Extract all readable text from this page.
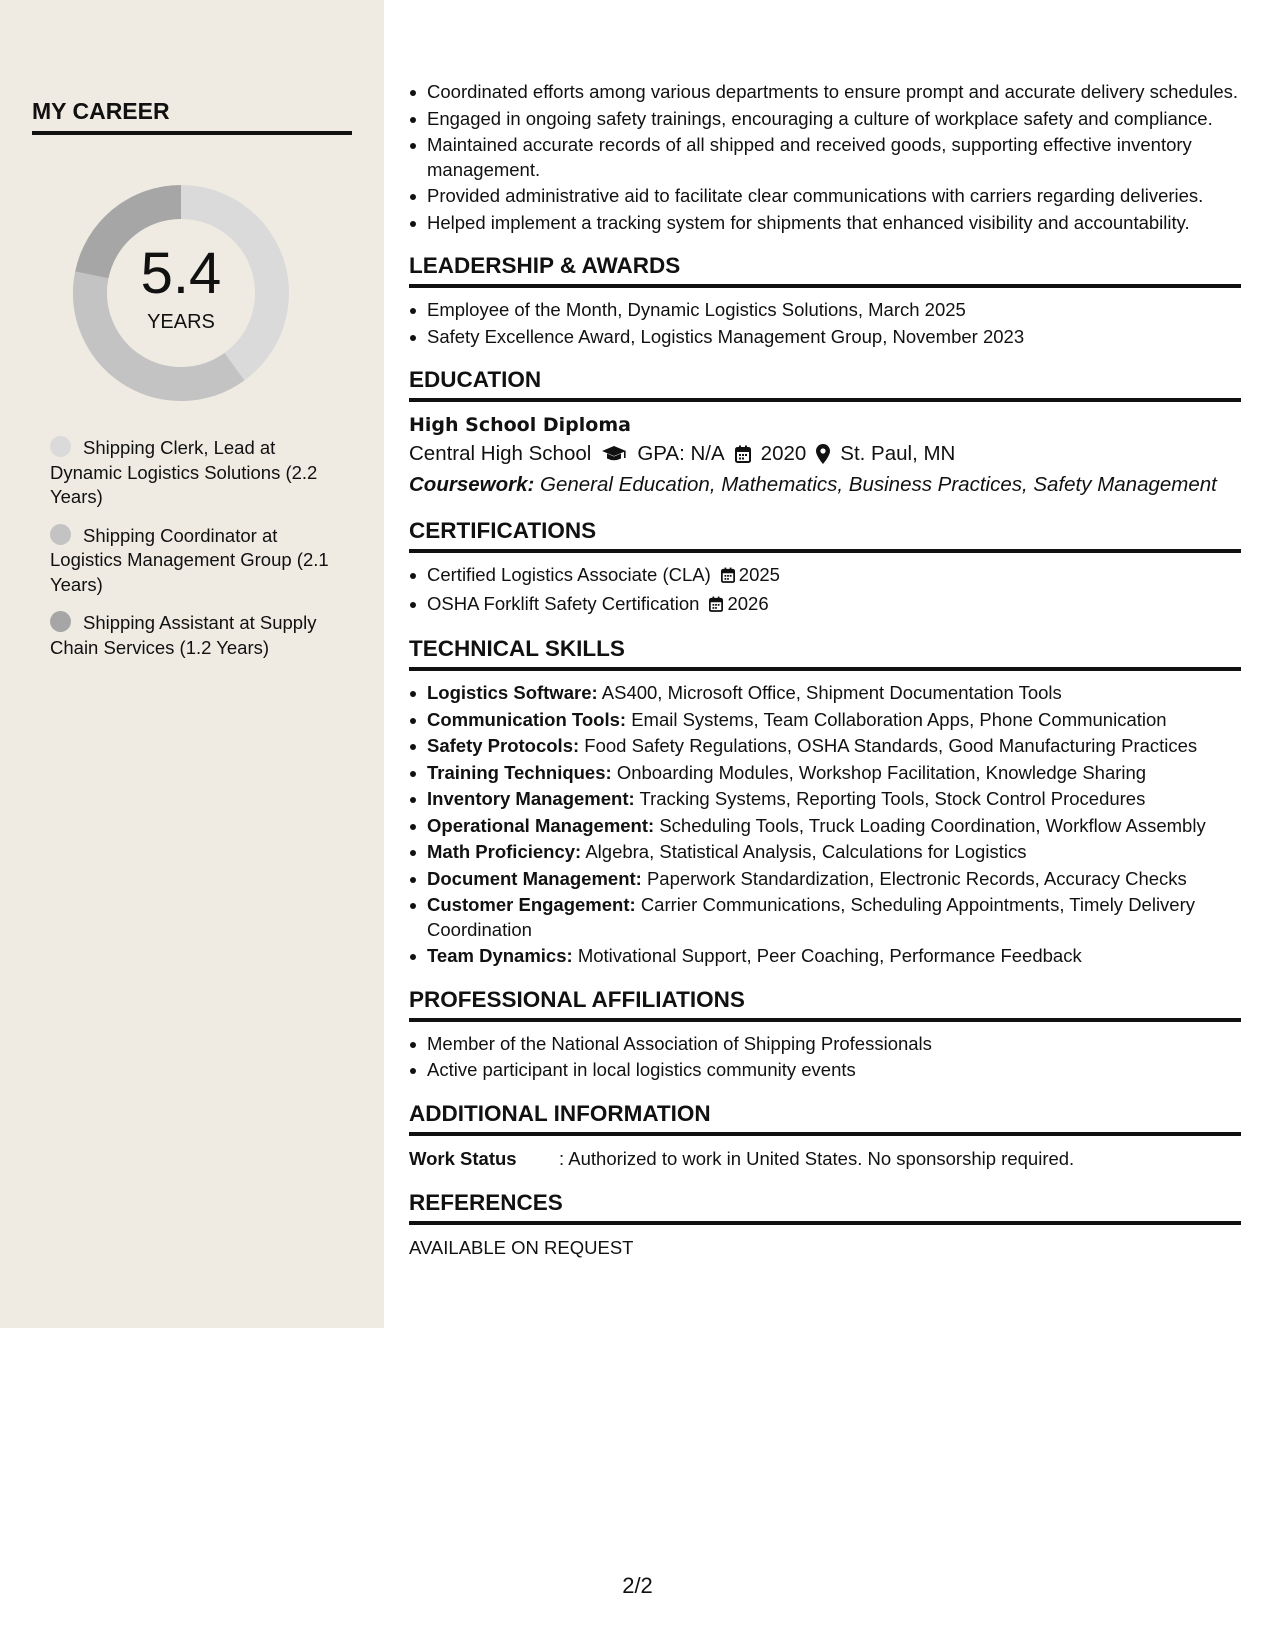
MY CAREER
5.4
YEARS
Shipping Clerk, Lead at Dynamic Logistics Solutions (2.2 Years)
Shipping Coordinator at Logistics Management Group (2.1 Years)
Shipping Assistant at Supply Chain Services (1.2 Years)
Coordinated efforts among various departments to ensure prompt and accurate delivery schedules.
Engaged in ongoing safety trainings, encouraging a culture of workplace safety and compliance.
Maintained accurate records of all shipped and received goods, supporting effective inventory management.
Provided administrative aid to facilitate clear communications with carriers regarding deliveries.
Helped implement a tracking system for shipments that enhanced visibility and accountability.
LEADERSHIP & AWARDS
Employee of the Month, Dynamic Logistics Solutions, March 2025
Safety Excellence Award, Logistics Management Group, November 2023
EDUCATION
High School Diploma
Central High School GPA: N/A 2020 St. Paul, MN
Coursework: General Education, Mathematics, Business Practices, Safety Management
CERTIFICATIONS
Certified Logistics Associate (CLA) 2025
OSHA Forklift Safety Certification 2026
TECHNICAL SKILLS
Logistics Software: AS400, Microsoft Office, Shipment Documentation Tools
Communication Tools: Email Systems, Team Collaboration Apps, Phone Communication
Safety Protocols: Food Safety Regulations, OSHA Standards, Good Manufacturing Practices
Training Techniques: Onboarding Modules, Workshop Facilitation, Knowledge Sharing
Inventory Management: Tracking Systems, Reporting Tools, Stock Control Procedures
Operational Management: Scheduling Tools, Truck Loading Coordination, Workflow Assembly
Math Proficiency: Algebra, Statistical Analysis, Calculations for Logistics
Document Management: Paperwork Standardization, Electronic Records, Accuracy Checks
Customer Engagement: Carrier Communications, Scheduling Appointments, Timely Delivery Coordination
Team Dynamics: Motivational Support, Peer Coaching, Performance Feedback
PROFESSIONAL AFFILIATIONS
Member of the National Association of Shipping Professionals
Active participant in local logistics community events
ADDITIONAL INFORMATION
Work Status	: Authorized to work in United States. No sponsorship required.
REFERENCES
AVAILABLE ON REQUEST
2/2
